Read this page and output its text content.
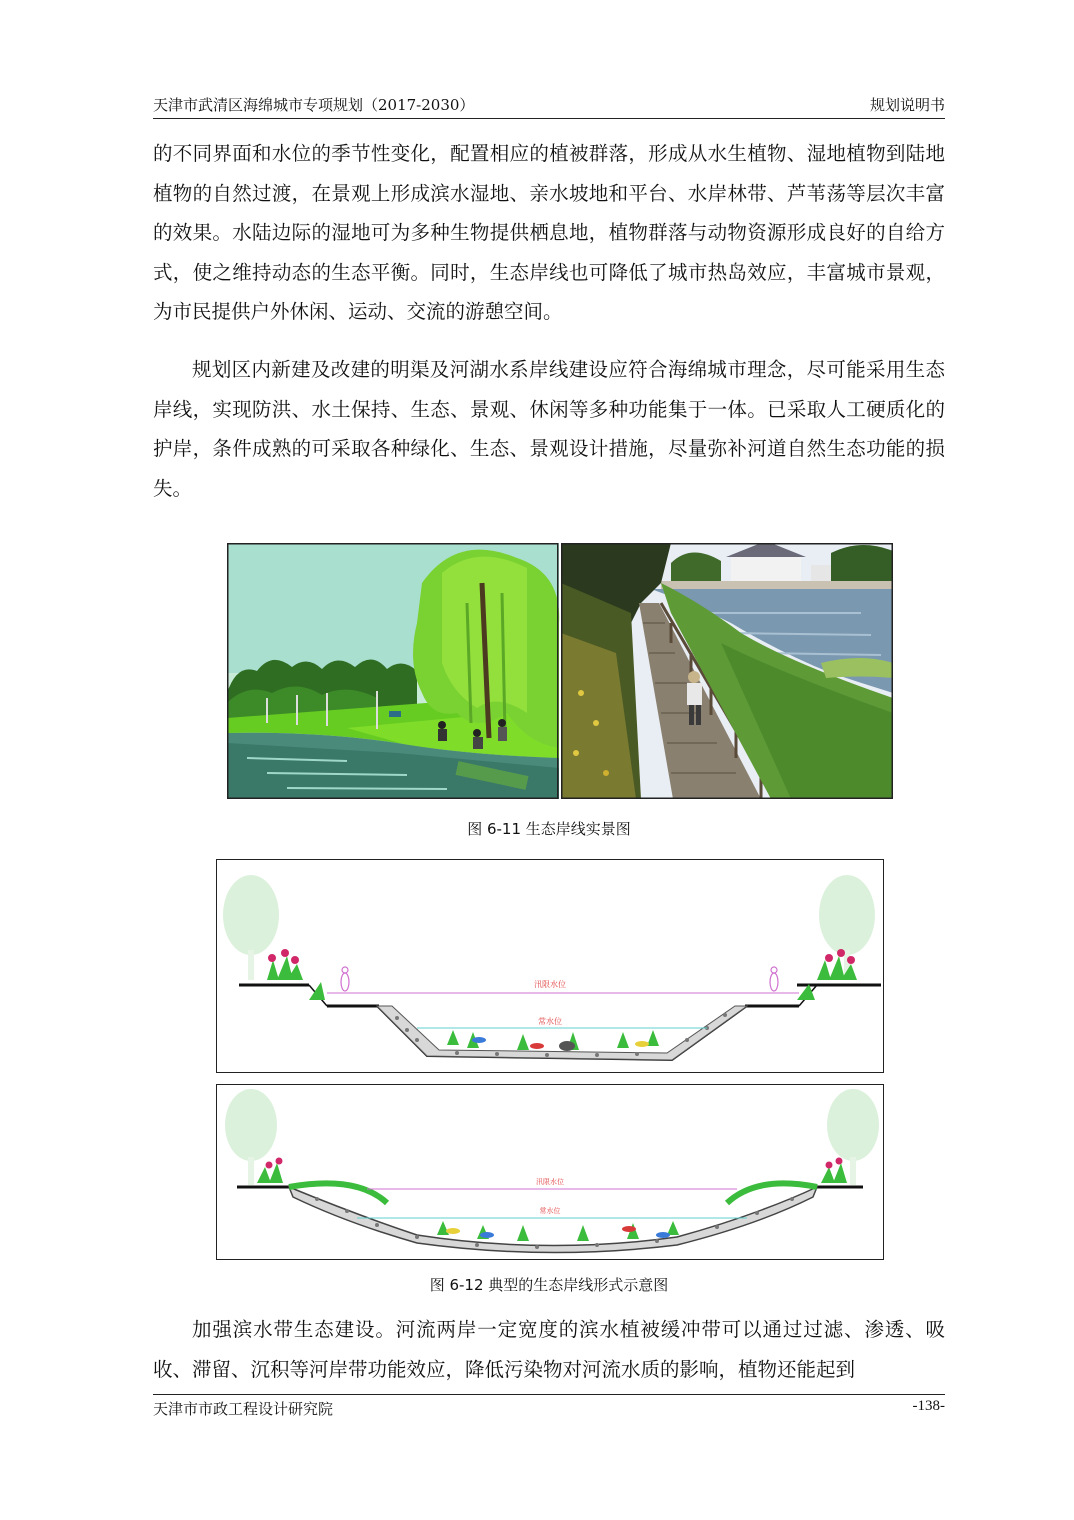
天津市武清区海绵城市专项规划（2017-2030）	规划说明书

的不同界面和水位的季节性变化，配置相应的植被群落，形成从水生植物、湿地植物到陆地植物的自然过渡，在景观上形成滨水湿地、亲水坡地和平台、水岸林带、芦苇荡等层次丰富的效果。水陆边际的湿地可为多种生物提供栖息地，植物群落与动物资源形成良好的自给方式，使之维持动态的生态平衡。同时，生态岸线也可降低了城市热岛效应，丰富城市景观，为市民提供户外休闲、运动、交流的游憩空间。

规划区内新建及改建的明渠及河湖水系岸线建设应符合海绵城市理念，尽可能采用生态岸线，实现防洪、水土保持、生态、景观、休闲等多种功能集于一体。已采取人工硬质化的护岸，条件成熟的可采取各种绿化、生态、景观设计措施，尽量弥补河道自然生态功能的损失。

图 6-11 生态岸线实景图
汛限水位
常水位
汛限水位
常水位
图 6-12 典型的生态岸线形式示意图

加强滨水带生态建设。河流两岸一定宽度的滨水植被缓冲带可以通过过滤、渗透、吸收、滞留、沉积等河岸带功能效应，降低污染物对河流水质的影响，植物还能起到

天津市市政工程设计研究院	-138-
